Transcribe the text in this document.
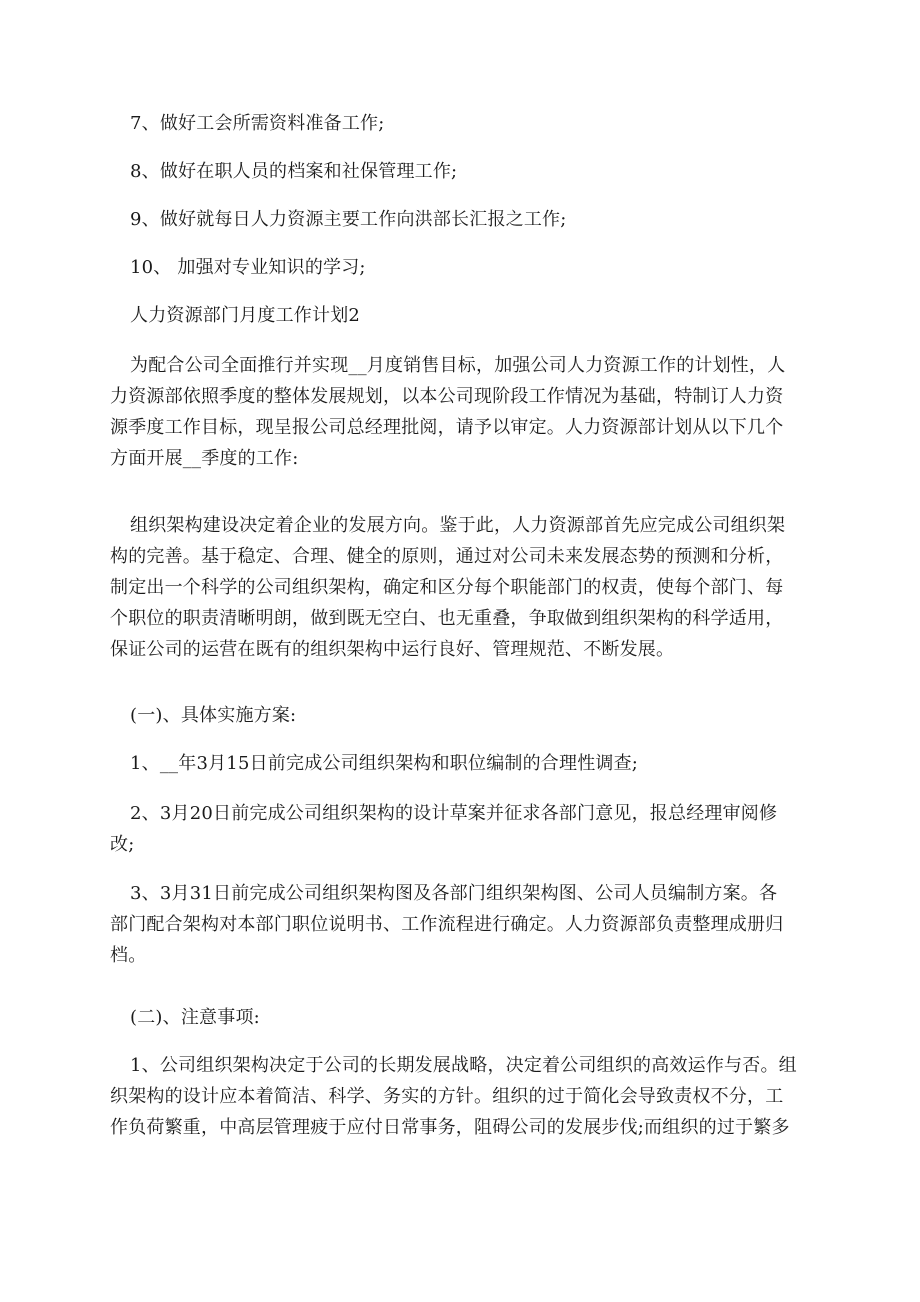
7、做好工会所需资料准备工作;
8、做好在职人员的档案和社保管理工作;
9、做好就每日人力资源主要工作向洪部长汇报之工作;
10、 加强对专业知识的学习;
人力资源部门月度工作计划2
为配合公司全面推行并实现__月度销售目标，加强公司人力资源工作的计划性，人
力资源部依照季度的整体发展规划，以本公司现阶段工作情况为基础，特制订人力资
源季度工作目标，现呈报公司总经理批阅，请予以审定。人力资源部计划从以下几个
方面开展__季度的工作:
组织架构建设决定着企业的发展方向。鉴于此，人力资源部首先应完成公司组织架
构的完善。基于稳定、合理、健全的原则，通过对公司未来发展态势的预测和分析，
制定出一个科学的公司组织架构，确定和区分每个职能部门的权责，使每个部门、每
个职位的职责清晰明朗，做到既无空白、也无重叠，争取做到组织架构的科学适用，
保证公司的运营在既有的组织架构中运行良好、管理规范、不断发展。
(一)、具体实施方案:
1、__年3月15日前完成公司组织架构和职位编制的合理性调查;
2、3月20日前完成公司组织架构的设计草案并征求各部门意见，报总经理审阅修
改;
3、3月31日前完成公司组织架构图及各部门组织架构图、公司人员编制方案。各
部门配合架构对本部门职位说明书、工作流程进行确定。人力资源部负责整理成册归
档。
(二)、注意事项:
1、公司组织架构决定于公司的长期发展战略，决定着公司组织的高效运作与否。组
织架构的设计应本着简洁、科学、务实的方针。组织的过于简化会导致责权不分，工
作负荷繁重，中高层管理疲于应付日常事务，阻碍公司的发展步伐;而组织的过于繁多
